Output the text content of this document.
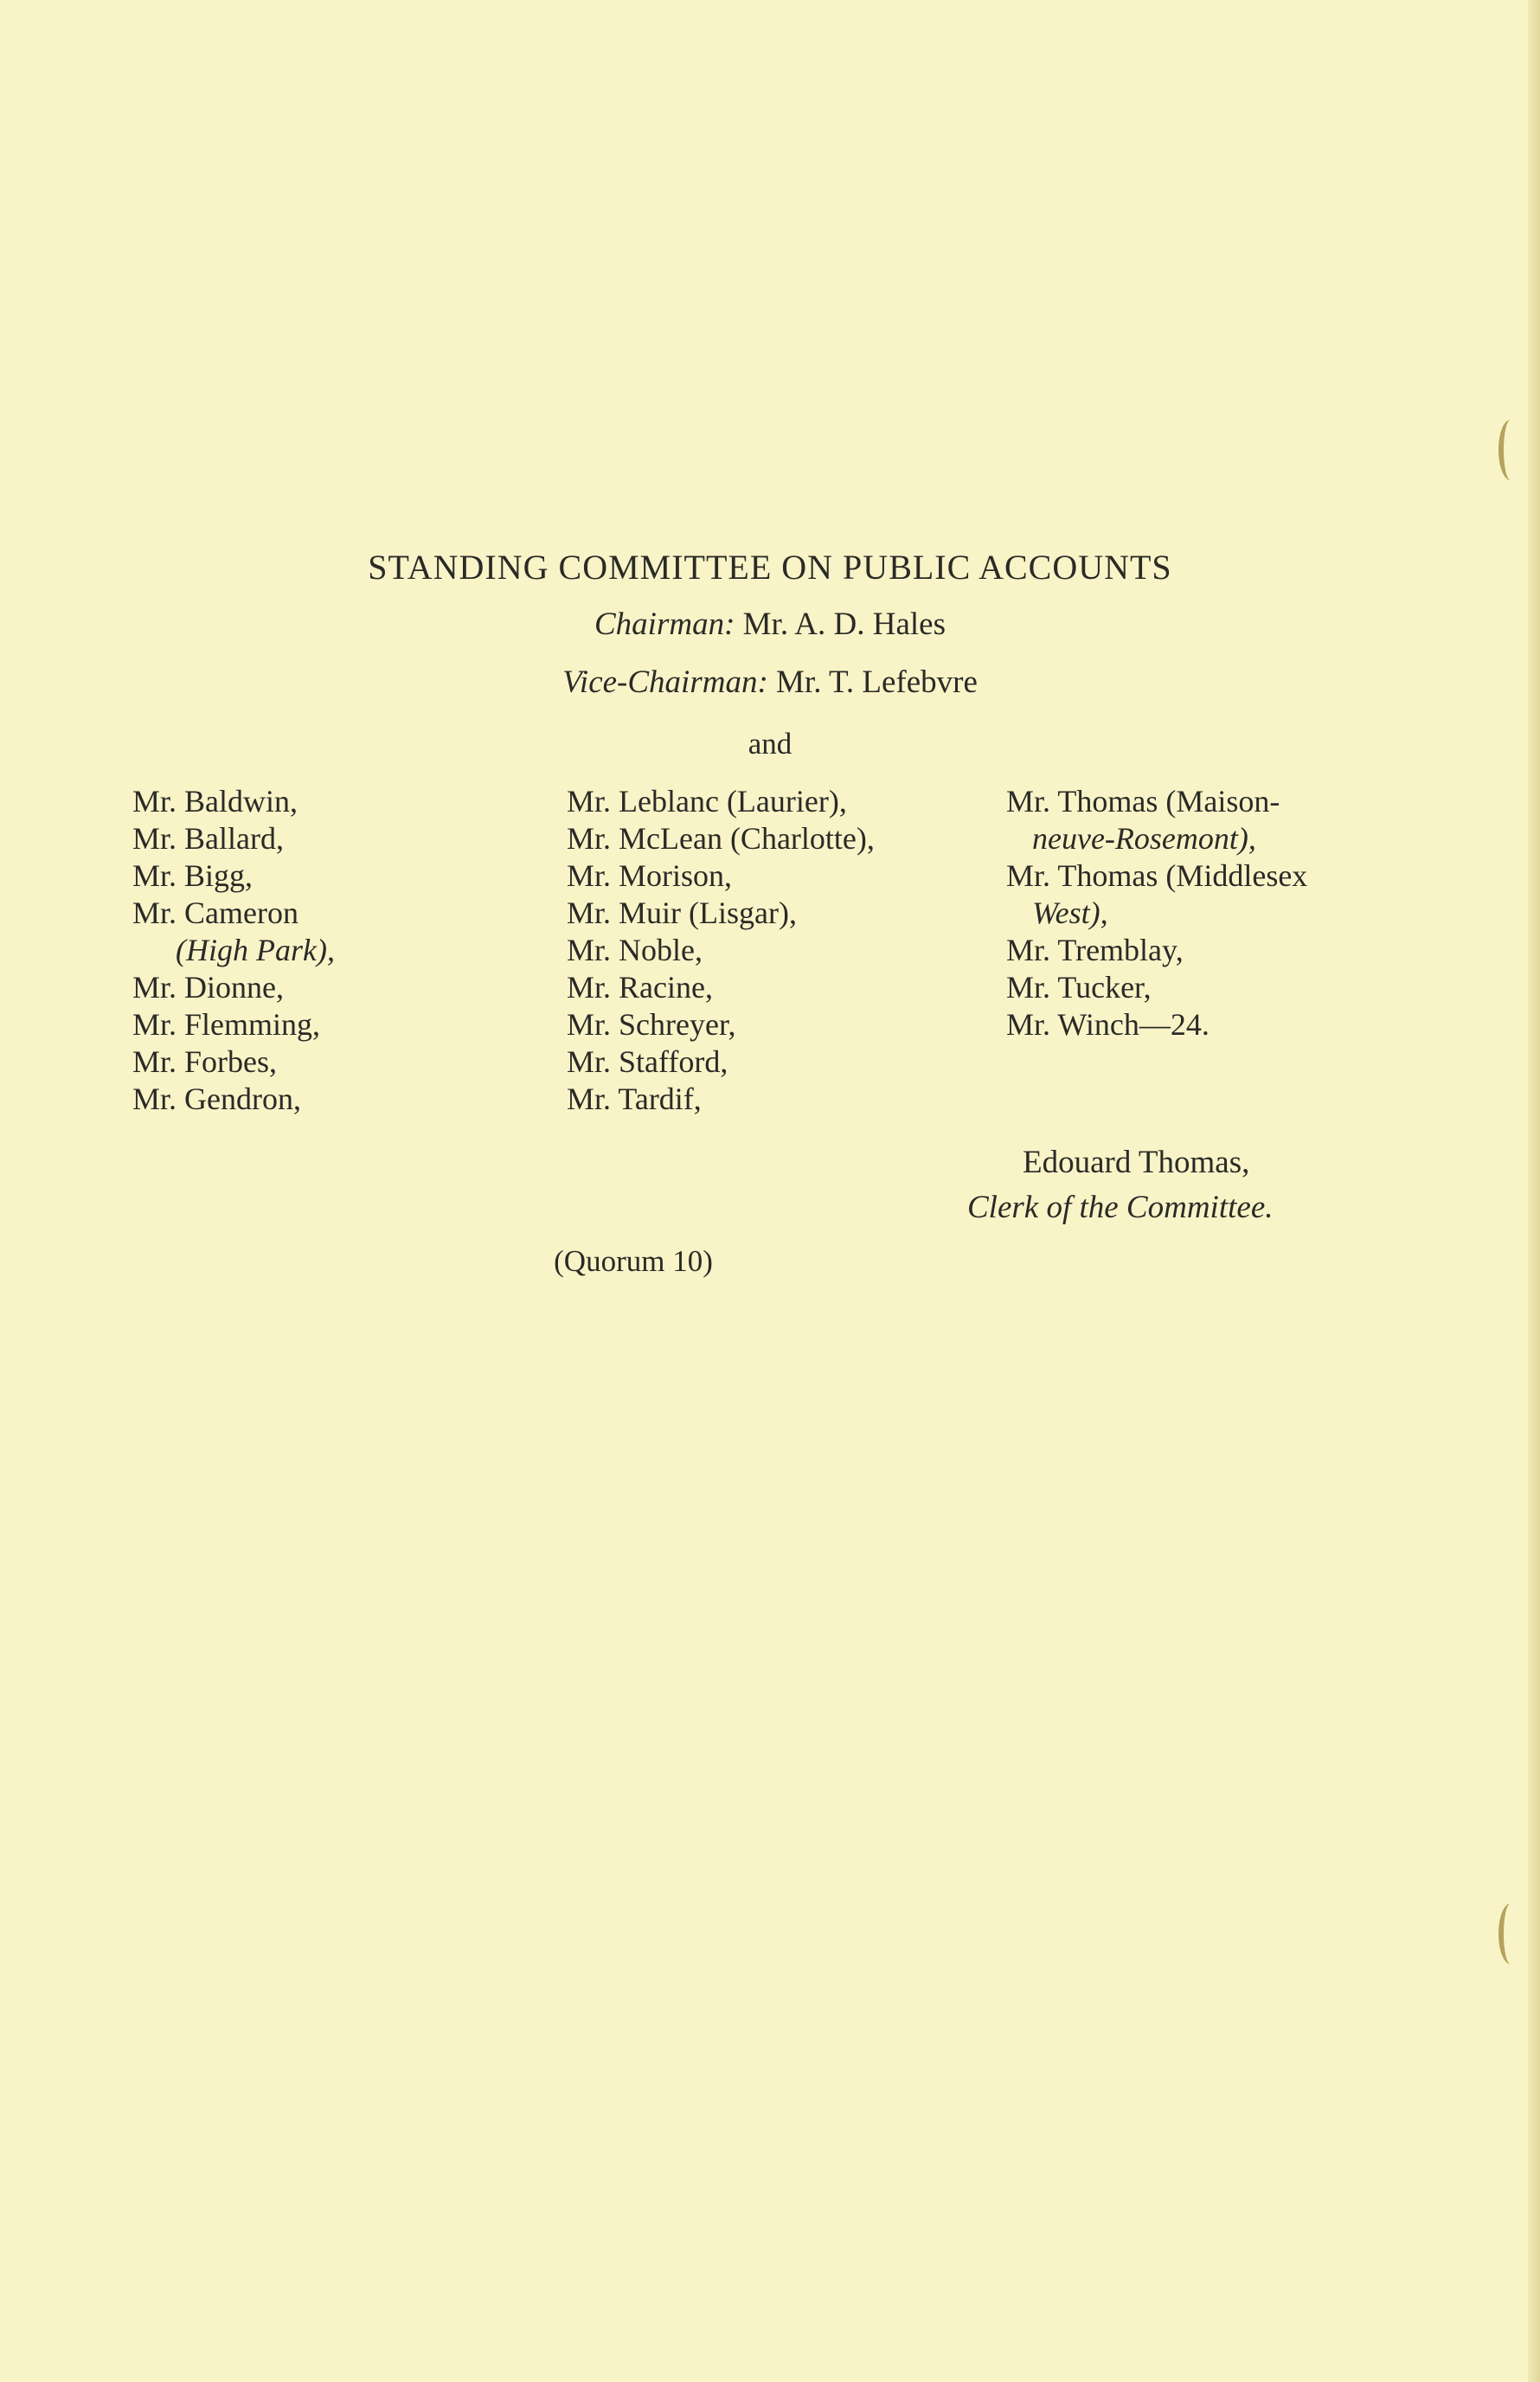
STANDING COMMITTEE ON PUBLIC ACCOUNTS
Chairman: Mr. A. D. Hales
Vice-Chairman: Mr. T. Lefebvre
and
Mr. Baldwin,
Mr. Ballard,
Mr. Bigg,
Mr. Cameron
(High Park),
Mr. Dionne,
Mr. Flemming,
Mr. Forbes,
Mr. Gendron,
Mr. Leblanc (Laurier),
Mr. McLean (Charlotte),
Mr. Morison,
Mr. Muir (Lisgar),
Mr. Noble,
Mr. Racine,
Mr. Schreyer,
Mr. Stafford,
Mr. Tardif,
Mr. Thomas (Maison-
neuve-Rosemont),
Mr. Thomas (Middlesex
West),
Mr. Tremblay,
Mr. Tucker,
Mr. Winch—24.
Edouard Thomas,
Clerk of the Committee.
(Quorum 10)
